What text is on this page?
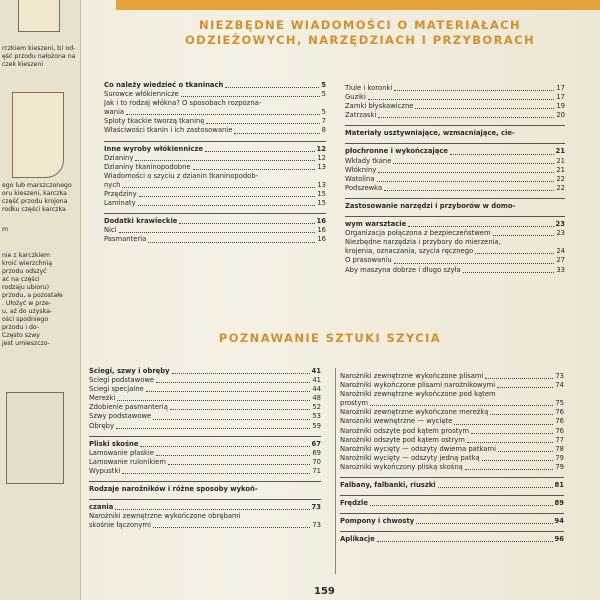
rczkiem kieszeni, b) od-
ęść przodu nałożona na
czek kieszeni
ego lub marszczonego
oru kieszeni, karczka
część przodu krojona
rodku części karczka
m
nie z karczkiem
kroić wierzchnią
przodu odszyć
ać na części
rodzaju ubioru)
przodu, a pozostałe
. Ułożyć w prze-
u, aż do uzyska-
ości spodniego
przodu i do-
Często szwy
jest umieszczo-
NIEZBĘDNE WIADOMOŚCI O MATERIAŁACH
ODZIEŻOWYCH, NARZĘDZIACH I PRZYBORACH
Co należy wiedzieć o tkaninach	5
Surowce włókiennicze	5
Jak i to rodzaj włókna? O sposobach rozpozna-
wania	5
Sploty tkackie tworzą tkaninę	7
Właściwości tkanin i ich zastosowanie	8
Inne wyroby włókiennicze	12
Dzianiny	12
Dzianiny tkaninopodobne	13
Wiadomości o szyciu z dzianin tkaninopodob-
nych	13
Przędziny	15
Laminaty	15
Dodatki krawieckie	16
Nici	16
Pasmanteria	16
Tiule i koronki	17
Guziki	17
Zamki błyskawiczne	19
Zatrzaski	20
Materiały usztywniające, wzmacniające, cie-
płochronne i wykończające	21
Wkłady tkane	21
Włókniny	21
Watolina	22
Podszewka	22
Zastosowanie narzędzi i przyborów w domo-
wym warsztacie	23
Organizacja połączona z bezpieczeństwem	23
Niezbędne narzędzia i przybory do mierzenia,
krojenia, oznaczania, szycia ręcznego	24
O prasowaniu	27
Aby maszyna dobrze i długo szyła	33
POZNAWANIE SZTUKI SZYCIA
Ściegi, szwy i obręby	41
Ściegi podstawowe	41
Ściegi specjalne	44
Mereżki	48
Zdobienie pasmanterią	52
Szwy podstawowe	53
Obręby	59
Pliski skośne	67
Lamowanie płaskie	69
Lamowanie rulonikiem	70
Wypustki	71
Rodzaje narożników i różne sposoby wykoń-
czania	73
Narożniki zewnętrzne wykończone obrębami
skośnie łączonymi	73
Narożniki zewnętrzne wykończone plisami	73
Narożniki wykończone plisami narożnikowymi	74
Narożniki zewnętrzne wykończone pod kątem
prostym	75
Narożniki zewnętrzne wykończone mereżką	76
Narożniki wewnętrzne — wycięte	76
Narożniki odszyte pod kątem prostym	76
Narożniki odszyte pod kątem ostrym	77
Narożniki wycięty — odszyty dwiema patkami	78
Narożniki wycięty — odszyty jedną patką	79
Narożniki wykończony pliską skośną	79
Falbany, falbanki, riuszki	81
Frędzle	89
Pompony i chwosty	94
Aplikacje	96
159
